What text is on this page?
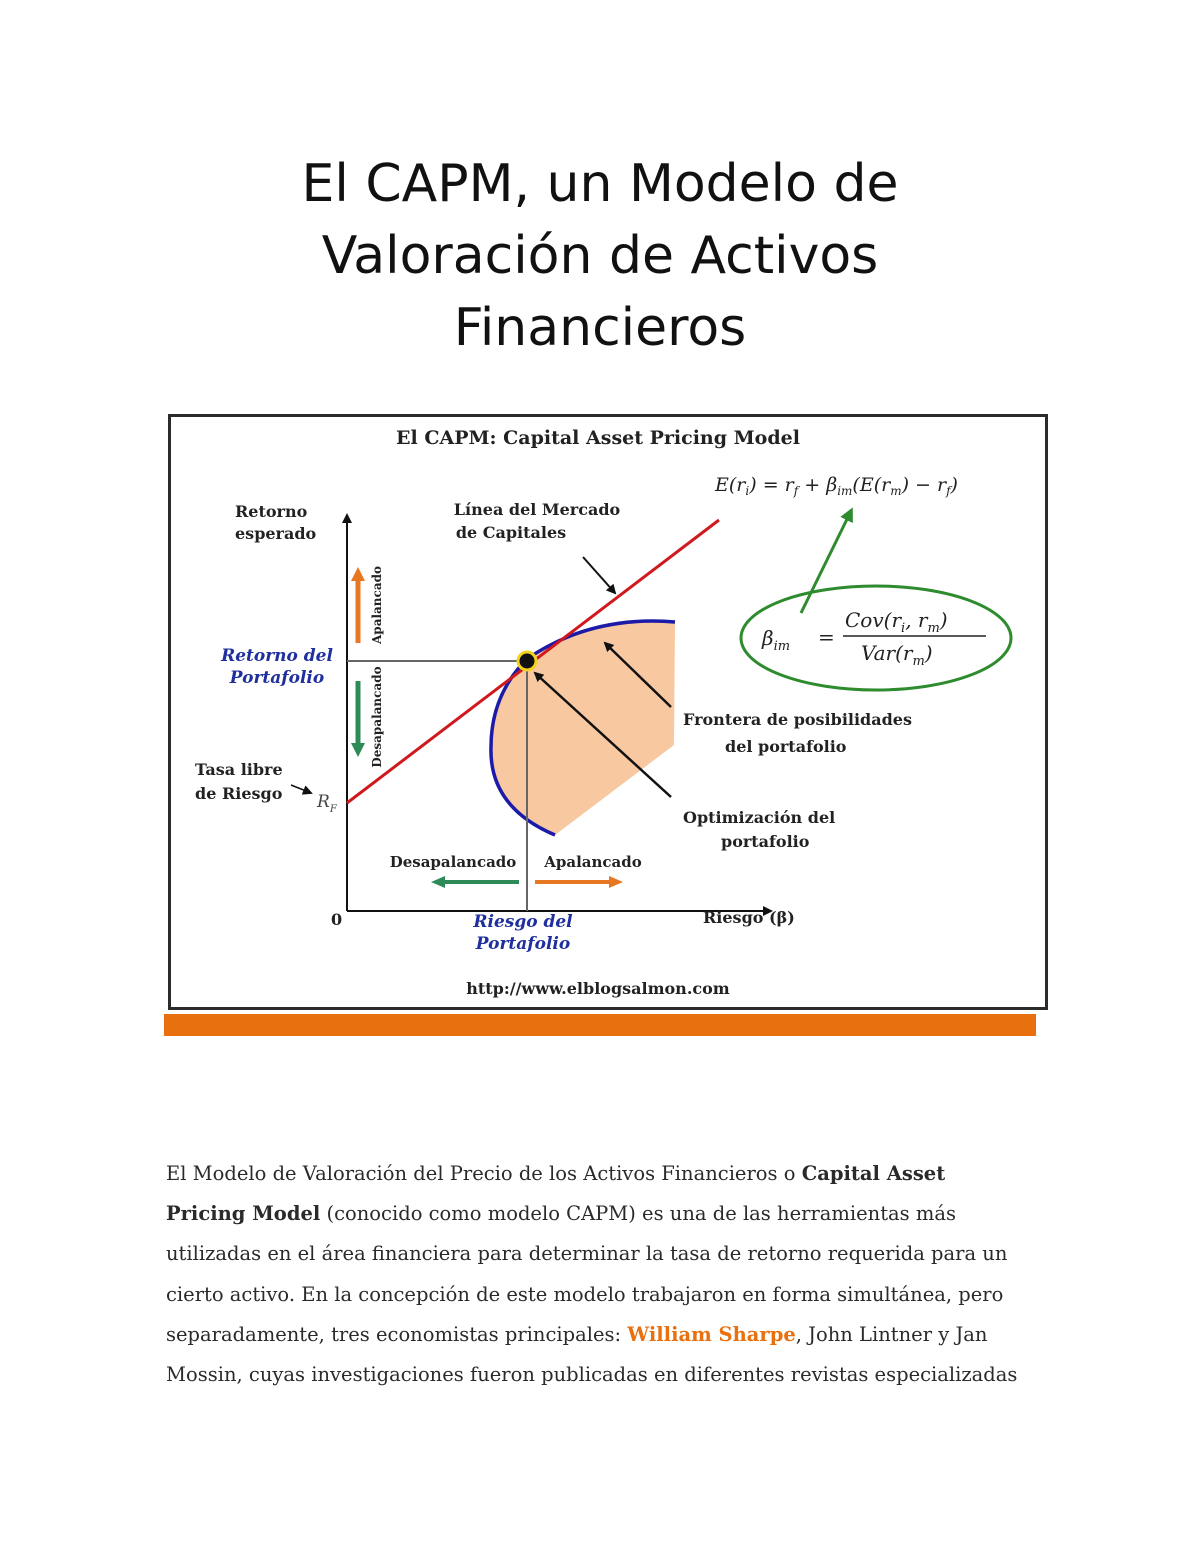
El CAPM, un Modelo de
Valoración de Activos
Financieros
El CAPM: Capital Asset Pricing Model
$E(r_i) = r_f + \beta_{im}(E(r_m) - r_f)$
$\beta_{im}$ =
$Cov(r_i$, $r_m$)
$Var(r_m)$
Retorno
esperado
Línea del Mercado
de Capitales
Retorno del
Portafolio
Apalancado
Desapalancado
Tasa libre
de Riesgo $R_F$
Frontera de posibilidades
del portafolio
Optimización del
portafolio
Desapalancado Apalancado
0	Riesgo (β)
Riesgo del
Portafolio
http://www.elblogsalmon.com

El Modelo de Valoración del Precio de los Activos Financieros o Capital Asset
Pricing Model (conocido como modelo CAPM) es una de las herramientas más
utilizadas en el área financiera para determinar la tasa de retorno requerida para un
cierto activo. En la concepción de este modelo trabajaron en forma simultánea, pero
separadamente, tres economistas principales: William Sharpe, John Lintner y Jan
Mossin, cuyas investigaciones fueron publicadas en diferentes revistas especializadas
